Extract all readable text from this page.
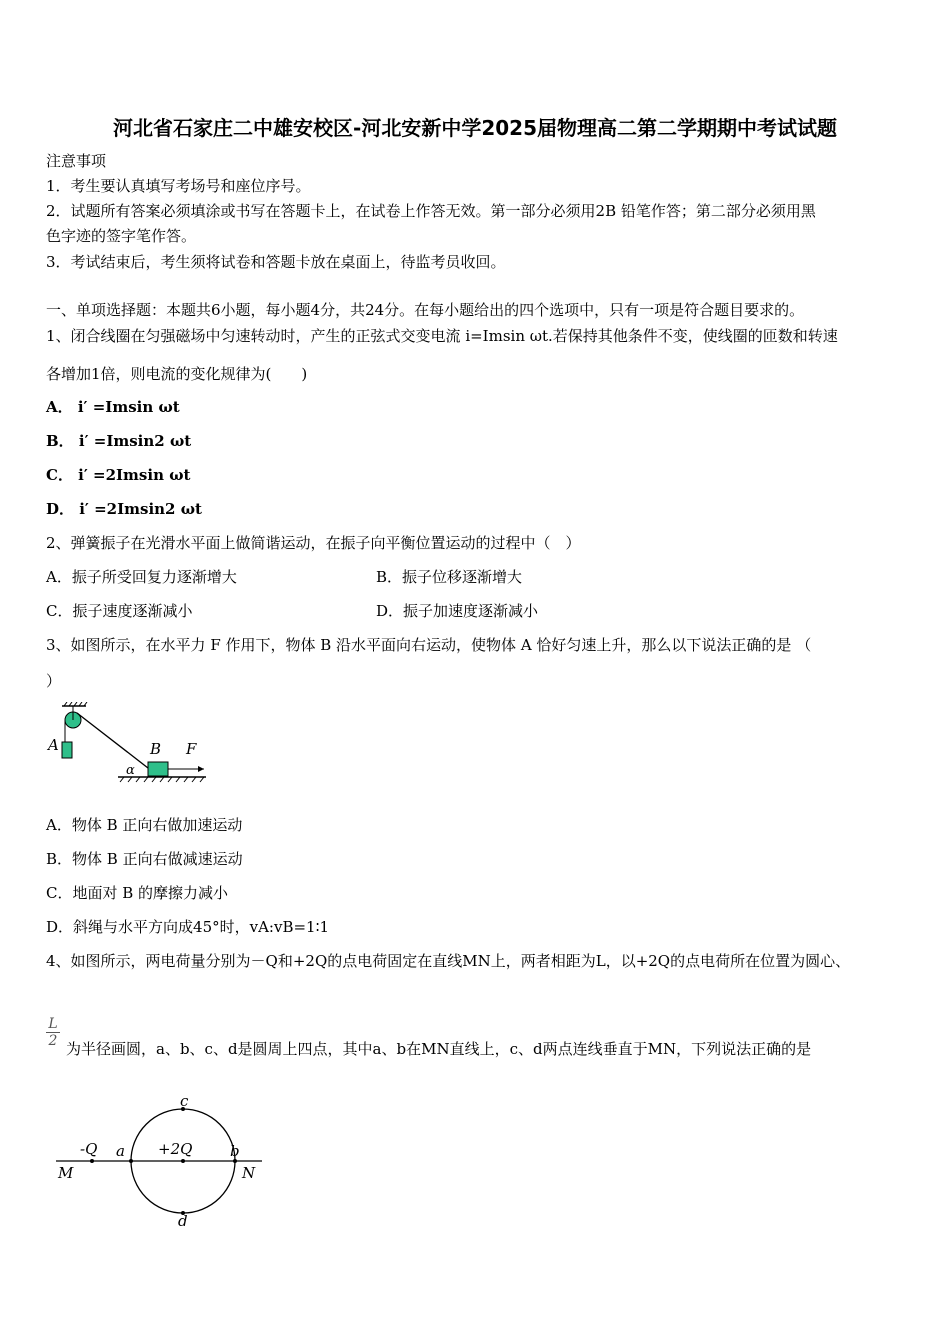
河北省石家庄二中雄安校区-河北安新中学2025届物理高二第二学期期中考试试题
注意事项
1．考生要认真填写考场号和座位序号。
2．试题所有答案必须填涂或书写在答题卡上，在试卷上作答无效。第一部分必须用2B 铅笔作答；第二部分必须用黑
色字迹的签字笔作答。
3．考试结束后，考生须将试卷和答题卡放在桌面上，待监考员收回。
一、单项选择题：本题共6小题，每小题4分，共24分。在每小题给出的四个选项中，只有一项是符合题目要求的。
1、闭合线圈在匀强磁场中匀速转动时，产生的正弦式交变电流 i=Imsin ωt.若保持其他条件不变，使线圈的匝数和转速
各增加1倍，则电流的变化规律为(　　)
A． i′ =Imsin ωt
B． i′ =Imsin2 ωt
C． i′ =2Imsin ωt
D． i′ =2Imsin2 ωt
2、弹簧振子在光滑水平面上做简谐运动，在振子向平衡位置运动的过程中（　）
A．振子所受回复力逐渐增大	B．振子位移逐渐增大
C．振子速度逐渐减小	D．振子加速度逐渐减小
3、如图所示，在水平力 F 作用下，物体 B 沿水平面向右运动，使物体 A 恰好匀速上升，那么以下说法正确的是 （
）
A	B F
α
A．物体 B 正向右做加速运动
B．物体 B 正向右做减速运动
C．地面对 B 的摩擦力减小
D．斜绳与水平方向成45°时，vA:vB=1∶1
4、如图所示，两电荷量分别为－Q和+2Q的点电荷固定在直线MN上，两者相距为L，以+2Q的点电荷所在位置为圆心、
$\frac{L}{2}$ 为半径画圆，a、b、c、d是圆周上四点，其中a、b在MN直线上，c、d两点连线垂直于MN，下列说法正确的是
-Q	+2Q
a	b
c
d
M	N
